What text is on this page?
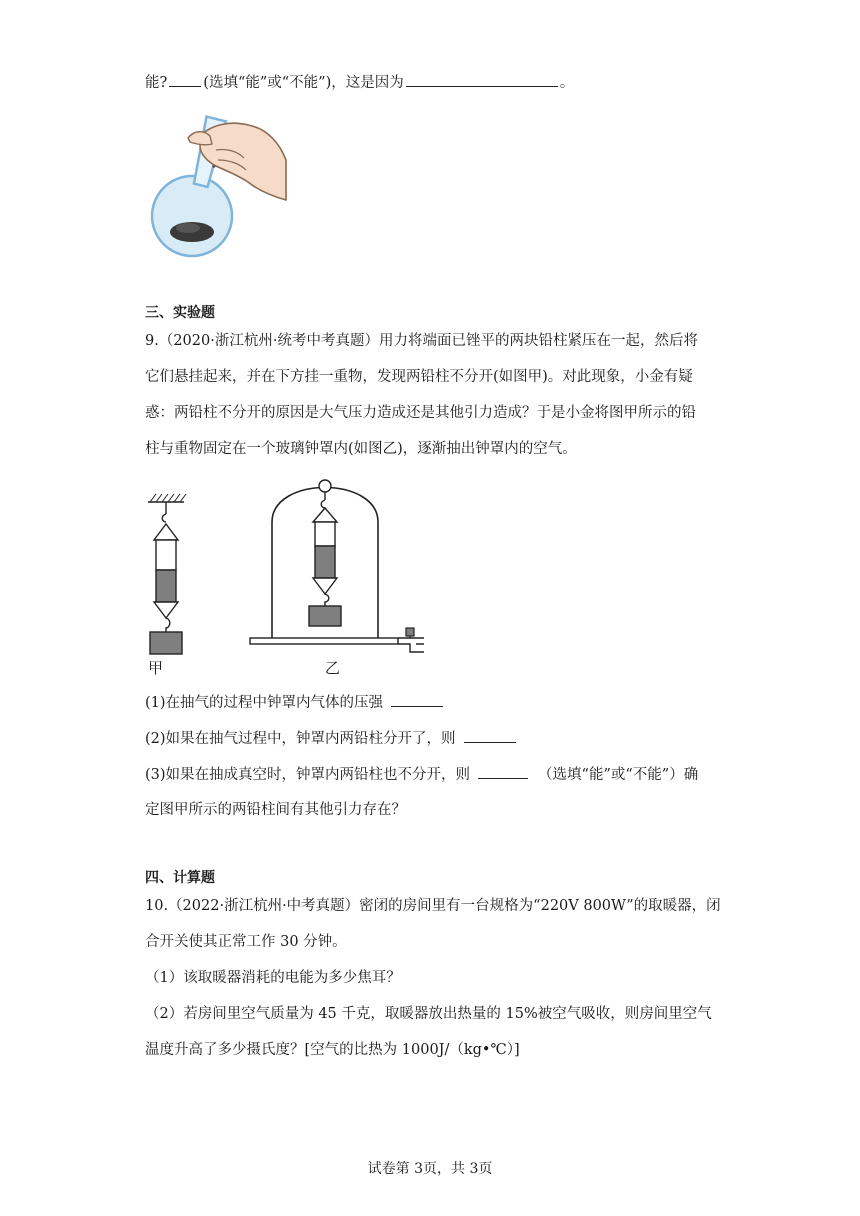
能? (选填“能”或“不能”)，这是因为	。
三、实验题
9.（2020·浙江杭州·统考中考真题）用力将端面已锉平的两块铅柱紧压在一起，然后将
它们悬挂起来，并在下方挂一重物，发现两铅柱不分开(如图甲)。对此现象，小金有疑
惑：两铅柱不分开的原因是大气压力造成还是其他引力造成？于是小金将图甲所示的铅
柱与重物固定在一个玻璃钟罩内(如图乙)，逐渐抽出钟罩内的空气。
甲	乙
(1)在抽气的过程中钟罩内气体的压强
(2)如果在抽气过程中，钟罩内两铅柱分开了，则
(3)如果在抽成真空时，钟罩内两铅柱也不分开，则	（选填“能”或“不能”）确
定图甲所示的两铅柱间有其他引力存在？
四、计算题
10.（2022·浙江杭州·中考真题）密闭的房间里有一台规格为“220V 800W”的取暖器，闭
合开关使其正常工作 30 分钟。
（1）该取暖器消耗的电能为多少焦耳？
（2）若房间里空气质量为 45 千克，取暖器放出热量的 15%被空气吸收，则房间里空气
温度升高了多少摄氏度？[空气的比热为 1000J/（kg•℃）]
试卷第 3页，共 3页
